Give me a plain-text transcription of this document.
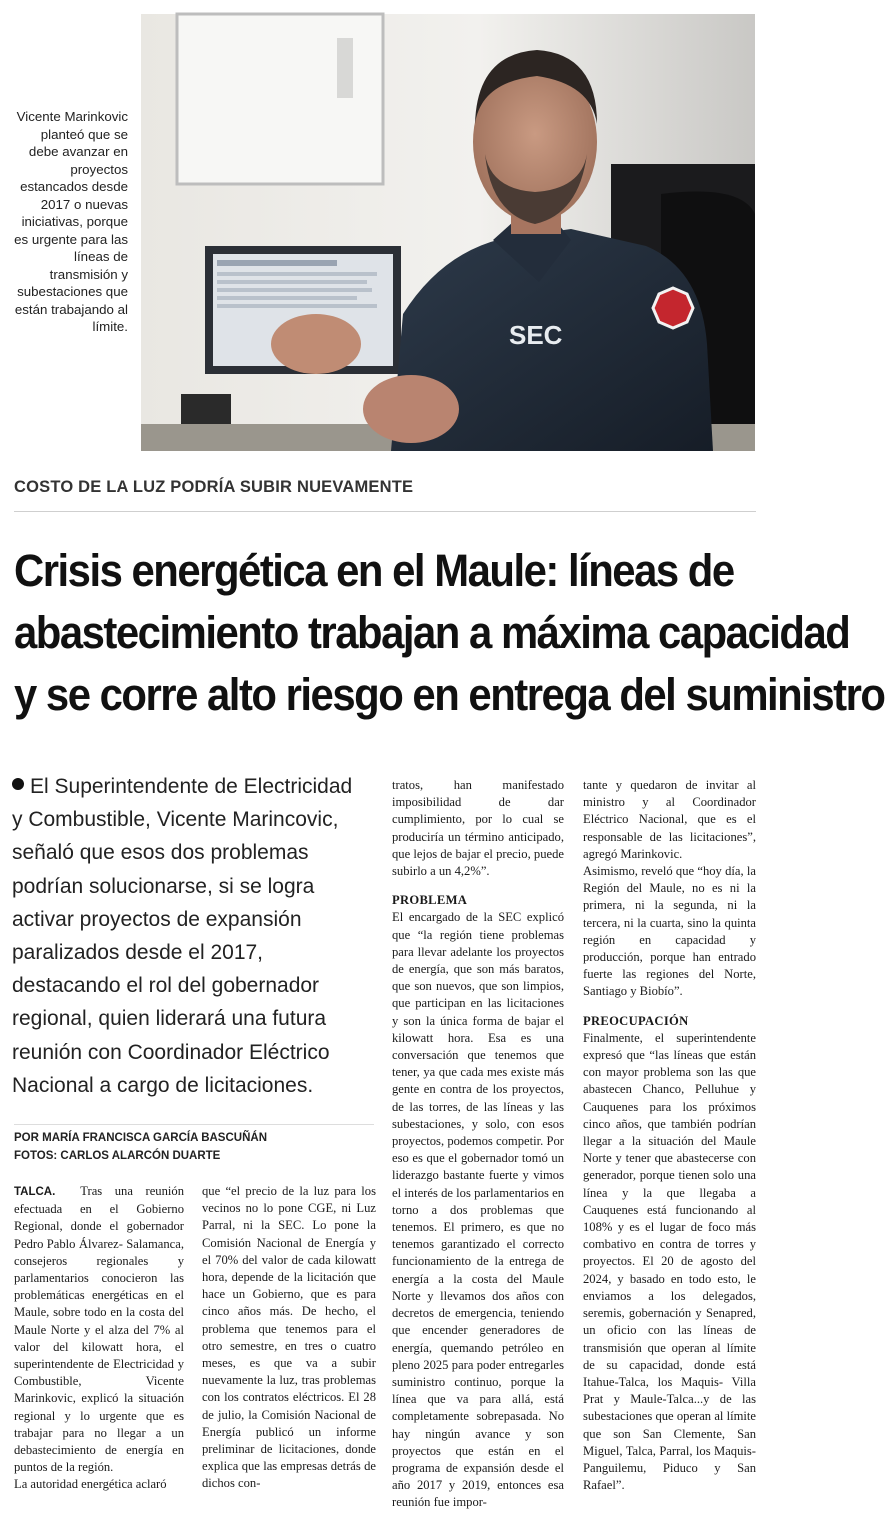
SEC
Vicente Marinkovic planteó que se debe avanzar en proyectos estancados desde 2017 o nuevas iniciativas, porque es urgente para las líneas de transmisión y subestaciones que están trabajando al límite.
COSTO DE LA LUZ PODRÍA SUBIR NUEVAMENTE
Crisis energética en el Maule: líneas de
abastecimiento trabajan a máxima capacidad
y se corre alto riesgo en entrega del suministro
El Superintendente de Electricidad y Combustible, Vicente Marincovic, señaló que esos dos problemas podrían solucionarse, si se logra activar proyectos de expansión paralizados desde el 2017, destacando el rol del gobernador regional, quien liderará una futura reunión con Coordinador Eléctrico Nacional a cargo de licitaciones.
POR MARÍA FRANCISCA GARCÍA BASCUÑÁN
FOTOS: CARLOS ALARCÓN DUARTE

TALCA. Tras una reunión efectuada en el Gobierno Regional, donde el gobernador Pedro Pablo Álvarez- Salamanca, consejeros regionales y parlamentarios conocieron las problemáticas energéticas en el Maule, sobre todo en la costa del Maule Norte y el alza del 7% al valor del kilowatt hora, el superintendente de Electricidad y Combustible, Vicente Marinkovic, explicó la situación regional y lo urgente que es trabajar para no llegar a un debastecimiento de energía en puntos de la región.

La autoridad energética aclaró

que “el precio de la luz para los vecinos no lo pone CGE, ni Luz Parral, ni la SEC. Lo pone la Comisión Nacional de Energía y el 70% del valor de cada kilowatt hora, depende de la licitación que hace un Gobierno, que es para cinco años más. De hecho, el problema que tenemos para el otro semestre, en tres o cuatro meses, es que va a subir nuevamente la luz, tras problemas con los contratos eléctricos. El 28 de julio, la Comisión Nacional de Energía publicó un informe preliminar de licitaciones, donde explica que las empresas detrás de dichos con-

tratos, han manifestado imposibilidad de dar cumplimiento, por lo cual se produciría un término anticipado, que lejos de bajar el precio, puede subirlo a un 4,2%”.

PROBLEMA

El encargado de la SEC explicó que “la región tiene problemas para llevar adelante los proyectos de energía, que son más baratos, que son nuevos, que son limpios, que participan en las licitaciones y son la única forma de bajar el kilowatt hora. Esa es una conversación que tenemos que tener, ya que cada mes existe más gente en contra de los proyectos, de las torres, de las líneas y las subestaciones, y solo, con esos proyectos, podemos competir. Por eso es que el gobernador tomó un liderazgo bastante fuerte y vimos el interés de los parlamentarios en torno a dos problemas que tenemos. El primero, es que no tenemos garantizado el correcto funcionamiento de la entrega de energía a la costa del Maule Norte y llevamos dos años con decretos de emergencia, teniendo que encender generadores de energía, quemando petróleo en pleno 2025 para poder entregarles suministro continuo, porque la línea que va para allá, está completamente sobrepasada. No hay ningún avance y son proyectos que están en el programa de expansión desde el año 2017 y 2019, entonces esa reunión fue impor-

tante y quedaron de invitar al ministro y al Coordinador Eléctrico Nacional, que es el responsable de las licitaciones”, agregó Marinkovic.

Asimismo, reveló que “hoy día, la Región del Maule, no es ni la primera, ni la segunda, ni la tercera, ni la cuarta, sino la quinta región en capacidad y producción, porque han entrado fuerte las regiones del Norte, Santiago y Biobío”.

PREOCUPACIÓN

Finalmente, el superintendente expresó que “las líneas que están con mayor problema son las que abastecen Chanco, Pelluhue y Cauquenes para los próximos cinco años, que también podrían llegar a la situación del Maule Norte y tener que abastecerse con generador, porque tienen solo una línea y la que llegaba a Cauquenes está funcionando al 108% y es el lugar de foco más combativo en contra de torres y proyectos. El 20 de agosto del 2024, y basado en todo esto, le enviamos a los delegados, seremis, gobernación y Senapred, un oficio con las líneas de transmisión que operan al límite de su capacidad, donde está Itahue-Talca, los Maquis- Villa Prat y Maule-Talca...y de las subestaciones que operan al límite que son San Clemente, San Miguel, Talca, Parral, los Maquis- Panguilemu, Piduco y San Rafael”.
